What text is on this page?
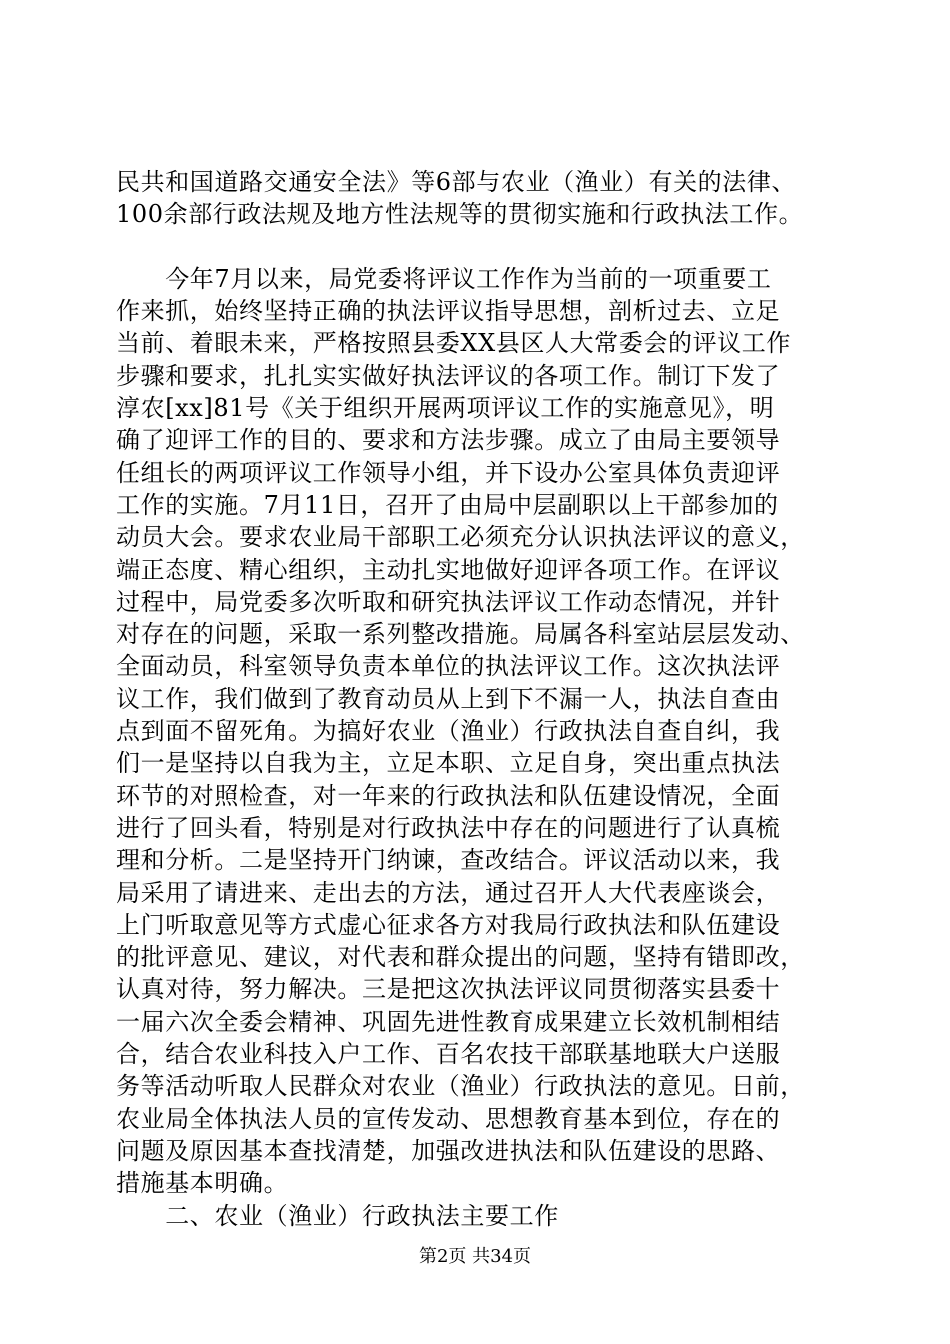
民共和国道路交通安全法》等6部与农业（渔业）有关的法律、
100余部行政法规及地方性法规等的贯彻实施和行政执法工作。
　　今年7月以来，局党委将评议工作作为当前的一项重要工
作来抓，始终坚持正确的执法评议指导思想，剖析过去、立足
当前、着眼未来，严格按照县委XX县区人大常委会的评议工作
步骤和要求，扎扎实实做好执法评议的各项工作。制订下发了
淳农[xx]81号《关于组织开展两项评议工作的实施意见》，明
确了迎评工作的目的、要求和方法步骤。成立了由局主要领导
任组长的两项评议工作领导小组，并下设办公室具体负责迎评
工作的实施。7月11日，召开了由局中层副职以上干部参加的
动员大会。要求农业局干部职工必须充分认识执法评议的意义，
端正态度、精心组织，主动扎实地做好迎评各项工作。在评议
过程中，局党委多次听取和研究执法评议工作动态情况，并针
对存在的问题，采取一系列整改措施。局属各科室站层层发动、
全面动员，科室领导负责本单位的执法评议工作。这次执法评
议工作，我们做到了教育动员从上到下不漏一人，执法自查由
点到面不留死角。为搞好农业（渔业）行政执法自查自纠，我
们一是坚持以自我为主，立足本职、立足自身，突出重点执法
环节的对照检查，对一年来的行政执法和队伍建设情况，全面
进行了回头看，特别是对行政执法中存在的问题进行了认真梳
理和分析。二是坚持开门纳谏，查改结合。评议活动以来，我
局采用了请进来、走出去的方法，通过召开人大代表座谈会，
上门听取意见等方式虚心征求各方对我局行政执法和队伍建设
的批评意见、建议，对代表和群众提出的问题，坚持有错即改，
认真对待，努力解决。三是把这次执法评议同贯彻落实县委十
一届六次全委会精神、巩固先进性教育成果建立长效机制相结
合，结合农业科技入户工作、百名农技干部联基地联大户送服
务等活动听取人民群众对农业（渔业）行政执法的意见。日前，
农业局全体执法人员的宣传发动、思想教育基本到位，存在的
问题及原因基本查找清楚，加强改进执法和队伍建设的思路、
措施基本明确。
　　二、农业（渔业）行政执法主要工作
第2页 共34页
